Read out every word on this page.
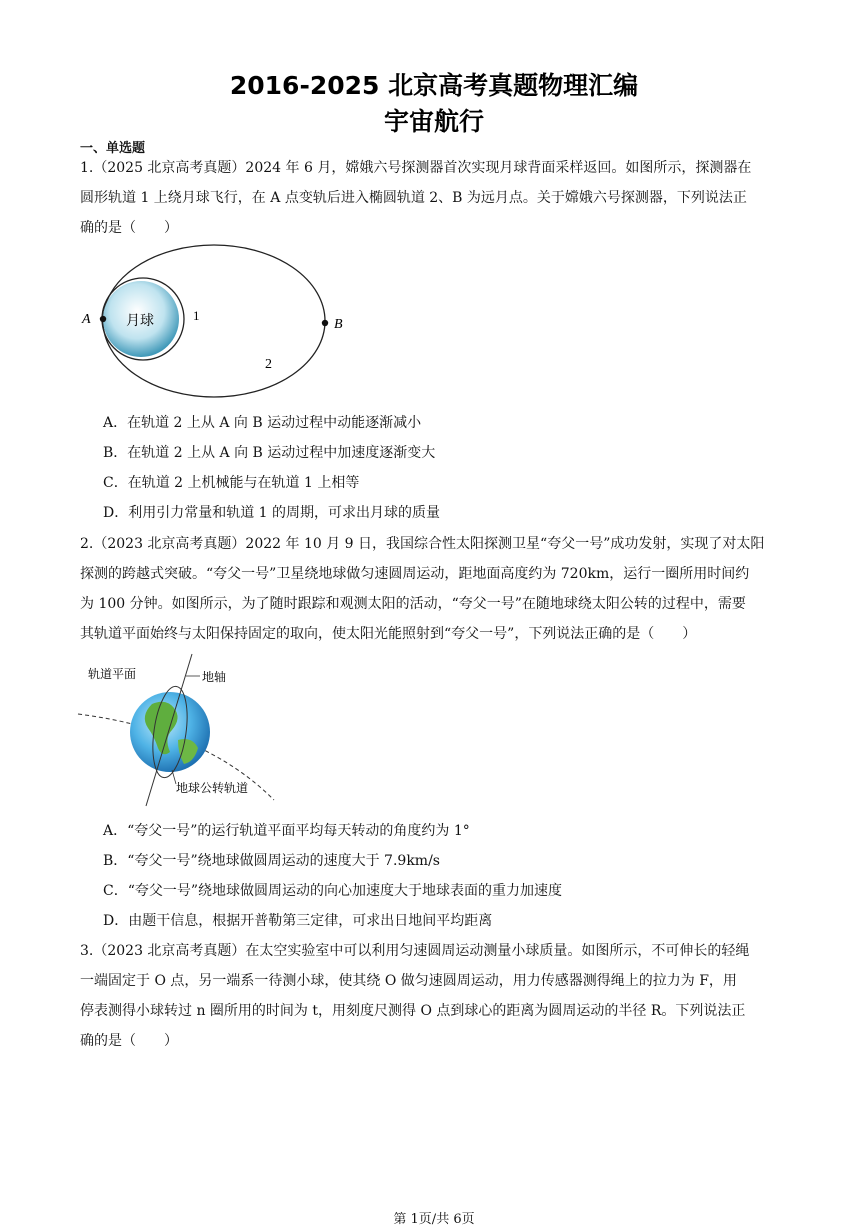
2016-2025 北京高考真题物理汇编
宇宙航行
一、单选题
1.（2025 北京高考真题）2024 年 6 月，嫦娥六号探测器首次实现月球背面采样返回。如图所示，探测器在
圆形轨道 1 上绕月球飞行，在 A 点变轨后进入椭圆轨道 2、B 为远月点。关于嫦娥六号探测器，下列说法正
确的是（　　）
A	B
月球	1
2
A．在轨道 2 上从 A 向 B 运动过程中动能逐渐减小
B．在轨道 2 上从 A 向 B 运动过程中加速度逐渐变大
C．在轨道 2 上机械能与在轨道 1 上相等
D．利用引力常量和轨道 1 的周期，可求出月球的质量
2.（2023 北京高考真题）2022 年 10 月 9 日，我国综合性太阳探测卫星“夸父一号”成功发射，实现了对太阳
探测的跨越式突破。“夸父一号”卫星绕地球做匀速圆周运动，距地面高度约为 720km，运行一圈所用时间约
为 100 分钟。如图所示，为了随时跟踪和观测太阳的活动，“夸父一号”在随地球绕太阳公转的过程中，需要
其轨道平面始终与太阳保持固定的取向，使太阳光能照射到“夸父一号”，下列说法正确的是（　　）
轨道平面	地轴
地球公转轨道
A．“夸父一号”的运行轨道平面平均每天转动的角度约为 1°
B．“夸父一号”绕地球做圆周运动的速度大于 7.9km/s
C．“夸父一号”绕地球做圆周运动的向心加速度大于地球表面的重力加速度
D．由题干信息，根据开普勒第三定律，可求出日地间平均距离
3.（2023 北京高考真题）在太空实验室中可以利用匀速圆周运动测量小球质量。如图所示，不可伸长的轻绳
一端固定于 O 点，另一端系一待测小球，使其绕 O 做匀速圆周运动，用力传感器测得绳上的拉力为 F，用
停表测得小球转过 n 圈所用的时间为 t，用刻度尺测得 O 点到球心的距离为圆周运动的半径 R。下列说法正
确的是（　　）
第 1页/共 6页
